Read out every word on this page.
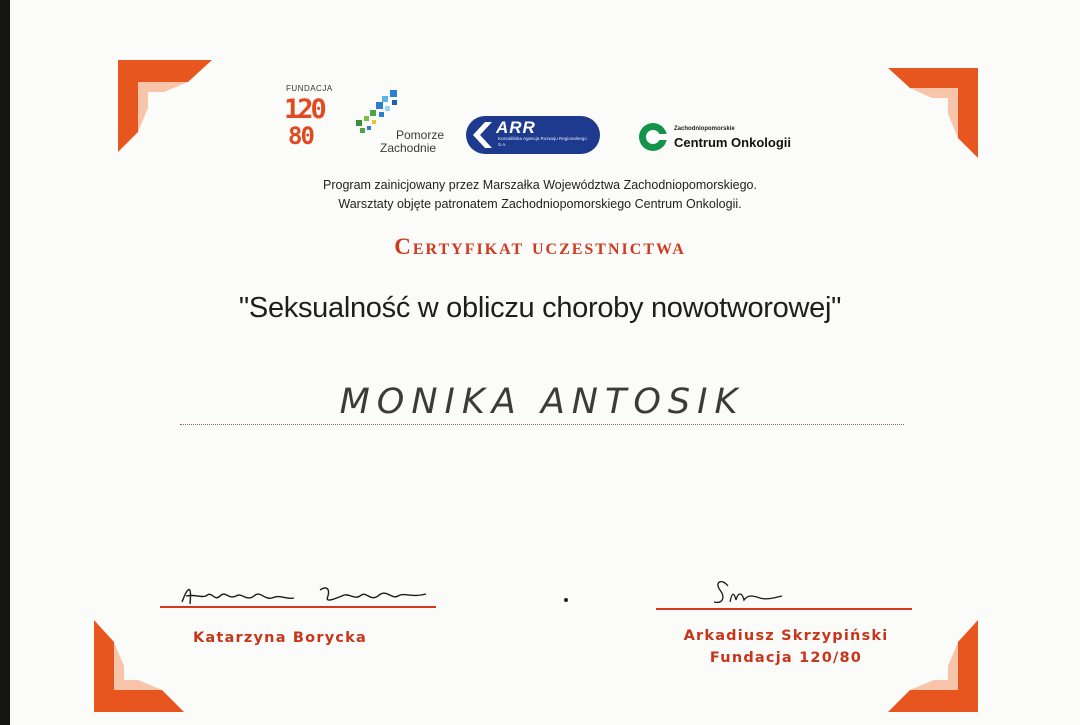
FUNDACJA
120
80	Pomorze
Zachodnie
ARR
Koszalińska Agencja Rozwoju Regionalnego S.A.
Zachodniopomorskie
Centrum Onkologii
Program zainicjowany przez Marszałka Województwa Zachodniopomorskiego.
Warsztaty objęte patronatem Zachodniopomorskiego Centrum Onkologii.
Certyfikat uczestnictwa
"Seksualność w obliczu choroby nowotworowej"
MONIKA ANTOSIK
Katarzyna Borycka	Arkadiusz Skrzypiński
Fundacja 120/80
